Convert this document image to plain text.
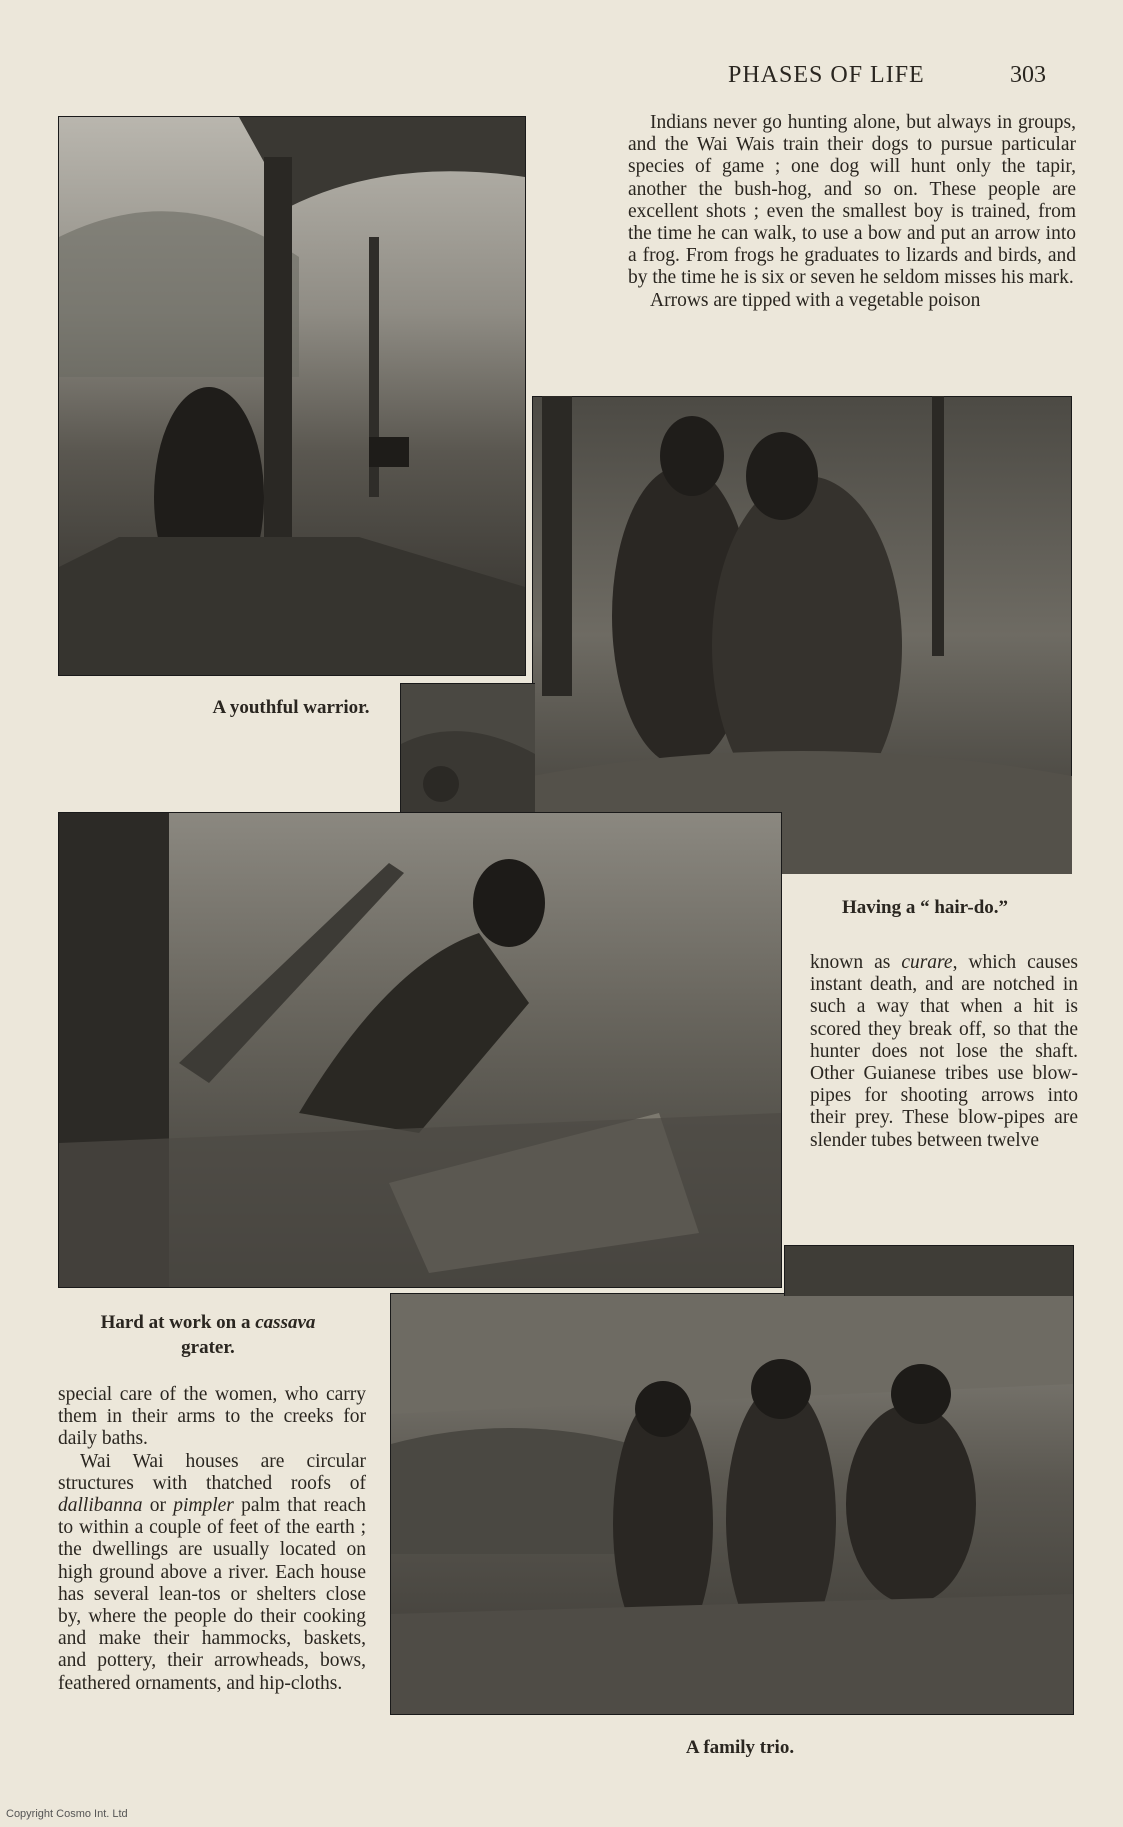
PHASES OF LIFE	303
A youthful warrior.

Indians never go hunting alone, but always in groups, and the Wai Wais train their dogs to pursue particular species of game ; one dog will hunt only the tapir, another the bush-hog, and so on. These people are excellent shots ; even the smallest boy is trained, from the time he can walk, to use a bow and put an arrow into a frog. From frogs he graduates to lizards and birds, and by the time he is six or seven he seldom misses his mark.

Arrows are tipped with a vegetable poison

Having a “ hair-do.”

known as curare, which causes instant death, and are notched in such a way that when a hit is scored they break off, so that the hunter does not lose the shaft. Other Guianese tribes use blow-pipes for shooting arrows into their prey. These blow-pipes are slender tubes between twelve

Hard at work on a cassava
grater.

special care of the women, who carry them in their arms to the creeks for daily baths.

Wai Wai houses are circular structures with thatched roofs of dallibanna or pimpler palm that reach to within a couple of feet of the earth ; the dwellings are usually located on high ground above a river. Each house has several lean-tos or shelters close by, where the people do their cooking and make their hammocks, baskets, and pottery, their arrowheads, bows, feathered ornaments, and hip-cloths.

A family trio.
Copyright Cosmo Int. Ltd
